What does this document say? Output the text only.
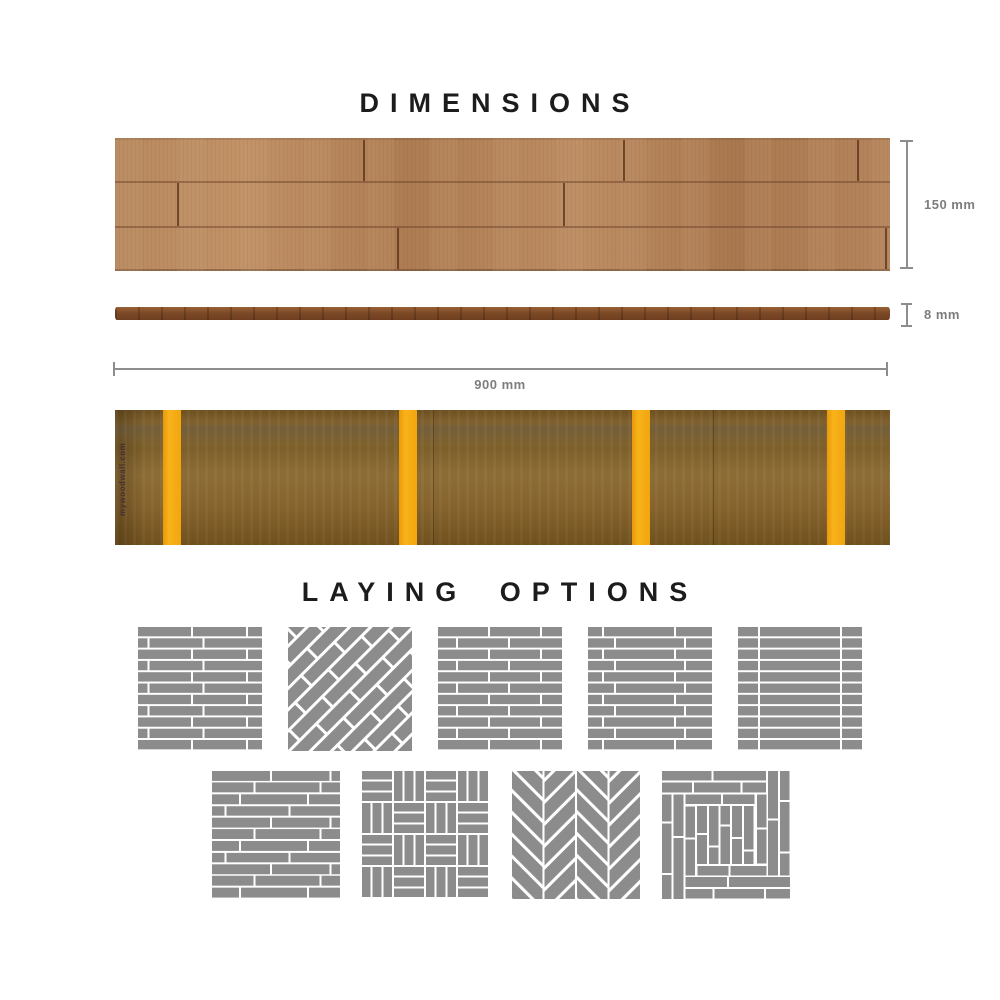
DIMENSIONS
150 mm
8 mm
900 mm
mywoodwall.com
LAYING OPTIONS
